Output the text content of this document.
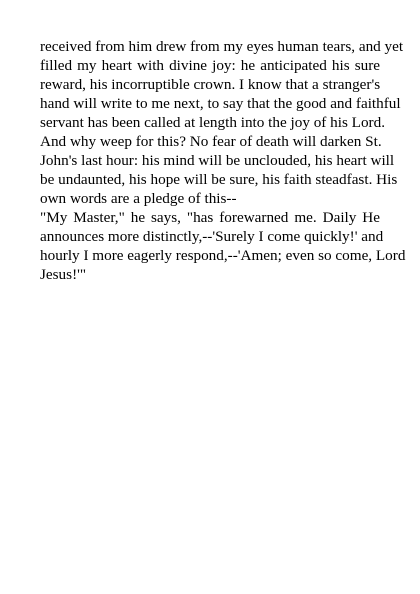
received from him drew from my eyes human tears, and yet
filled my heart with divine joy: he anticipated his sure
reward, his incorruptible crown. I know that a stranger's
hand will write to me next, to say that the good and faithful
servant has been called at length into the joy of his Lord.
And why weep for this? No fear of death will darken St.
John's last hour: his mind will be unclouded, his heart will
be undaunted, his hope will be sure, his faith steadfast. His
own words are a pledge of this--

"My Master," he says, "has forewarned me. Daily He
announces more distinctly,--'Surely I come quickly!' and
hourly I more eagerly respond,--'Amen; even so come, Lord
Jesus!'"
